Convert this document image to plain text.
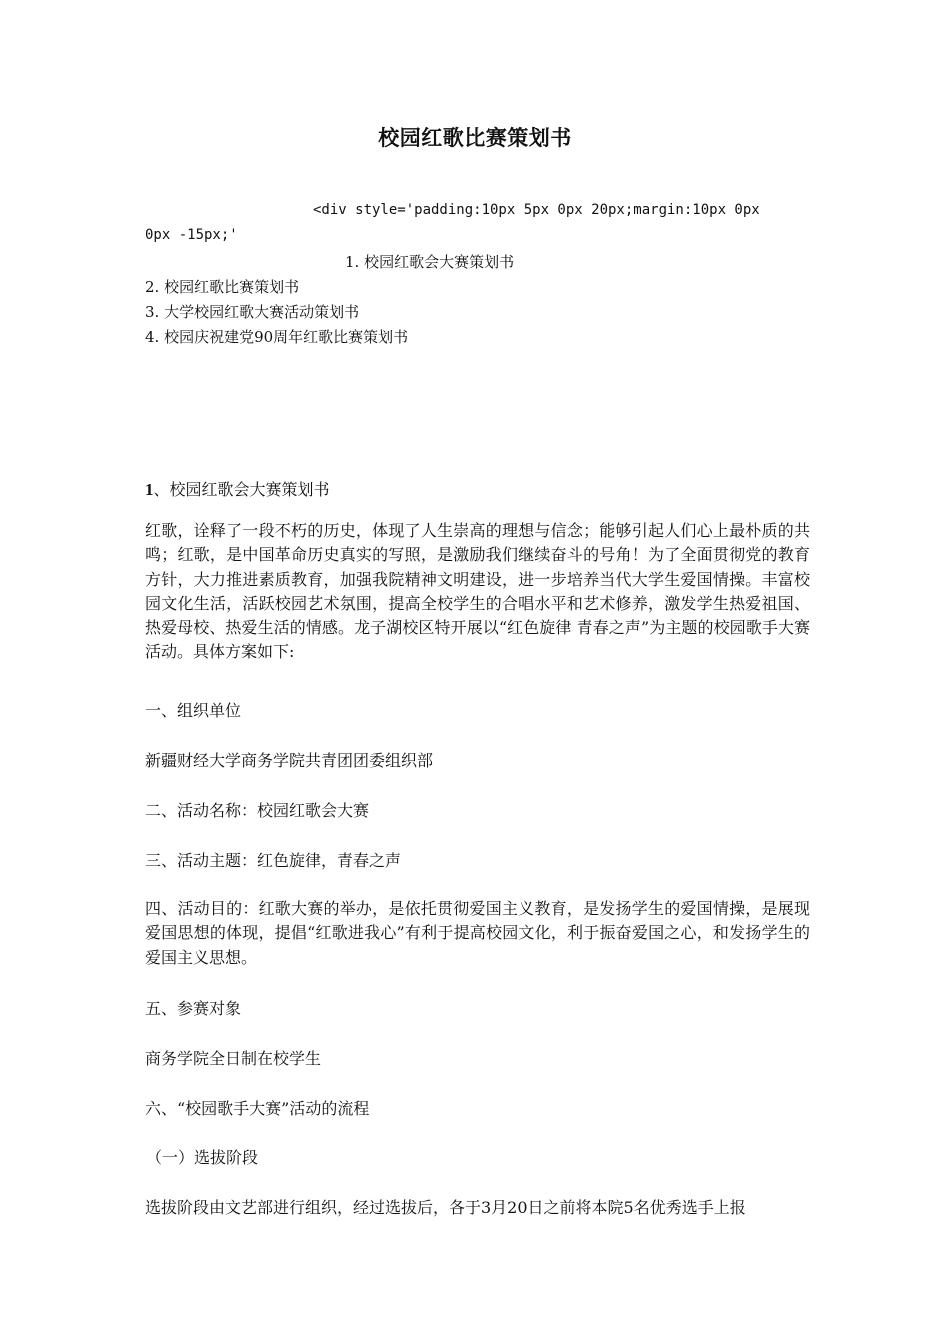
校园红歌比赛策划书
<div style='padding:10px 5px 0px 20px;margin:10px 0px
0px -15px;'
1. 校园红歌会大赛策划书
2. 校园红歌比赛策划书
3. 大学校园红歌大赛活动策划书
4. 校园庆祝建党90周年红歌比赛策划书
1、校园红歌会大赛策划书
红歌，诠释了一段不朽的历史，体现了人生崇高的理想与信念；能够引起人们心上最朴质的共鸣；红歌，是中国革命历史真实的写照，是激励我们继续奋斗的号角！为了全面贯彻党的教育方针，大力推进素质教育，加强我院精神文明建设，进一步培养当代大学生爱国情操。丰富校园文化生活，活跃校园艺术氛围，提高全校学生的合唱水平和艺术修养，激发学生热爱祖国、热爱母校、热爱生活的情感。龙子湖校区特开展以“红色旋律 青春之声”为主题的校园歌手大赛活动。具体方案如下:
一、组织单位
新疆财经大学商务学院共青团团委组织部
二、活动名称：校园红歌会大赛
三、活动主题：红色旋律，青春之声
四、活动目的：红歌大赛的举办，是依托贯彻爱国主义教育，是发扬学生的爱国情操，是展现爱国思想的体现，提倡“红歌进我心”有利于提高校园文化，利于振奋爱国之心，和发扬学生的爱国主义思想。
五、参赛对象
商务学院全日制在校学生
六、“校园歌手大赛”活动的流程
（一）选拔阶段
选拔阶段由文艺部进行组织，经过选拔后，各于3月20日之前将本院5名优秀选手上报
